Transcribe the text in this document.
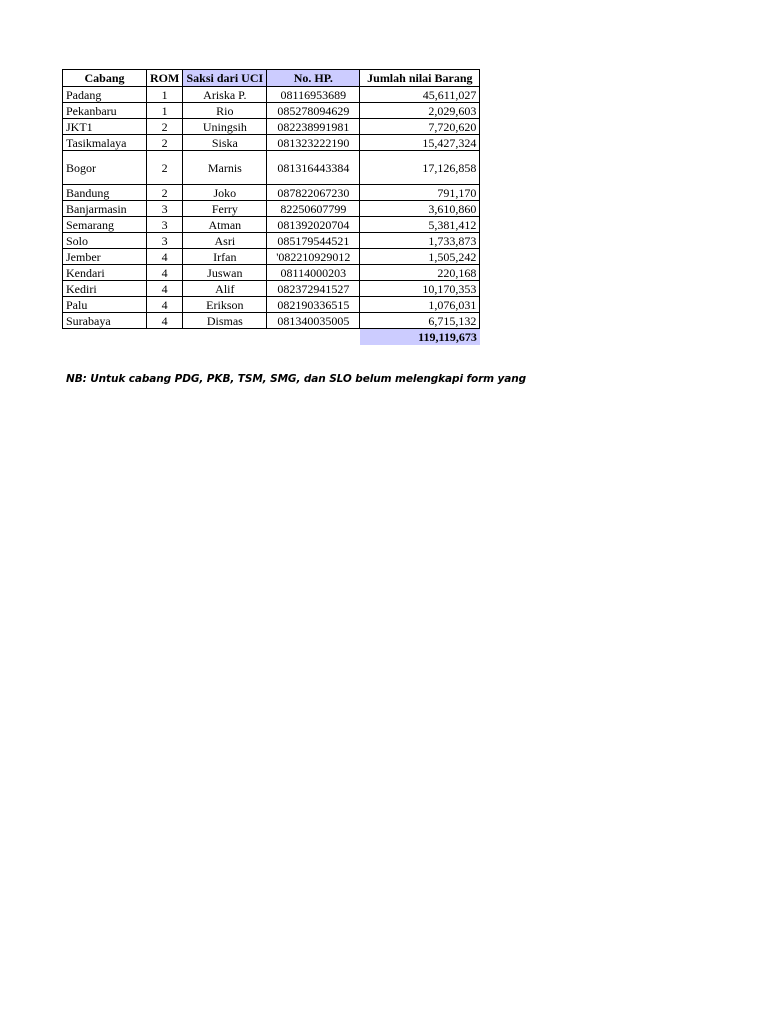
Cabang	ROM	Saksi dari UCI	No. HP.	Jumlah nilai Barang
Padang	1	Ariska P.	08116953689	45,611,027
Pekanbaru	1	Rio	085278094629	2,029,603
JKT1	2	Uningsih	082238991981	7,720,620
Tasikmalaya	2	Siska	081323222190	15,427,324
Bogor	2	Marnis	081316443384	17,126,858
Bandung	2	Joko	087822067230	791,170
Banjarmasin	3	Ferry	82250607799	3,610,860
Semarang	3	Atman	081392020704	5,381,412
Solo	3	Asri	085179544521	1,733,873
Jember	4	Irfan	'082210929012	1,505,242
Kendari	4	Juswan	08114000203	220,168
Kediri	4	Alif	082372941527	10,170,353
Palu	4	Erikson	082190336515	1,076,031
Surabaya	4	Dismas	081340035005	6,715,132
				119,119,673
NB: Untuk cabang PDG, PKB, TSM, SMG, dan SLO belum melengkapi form yang
